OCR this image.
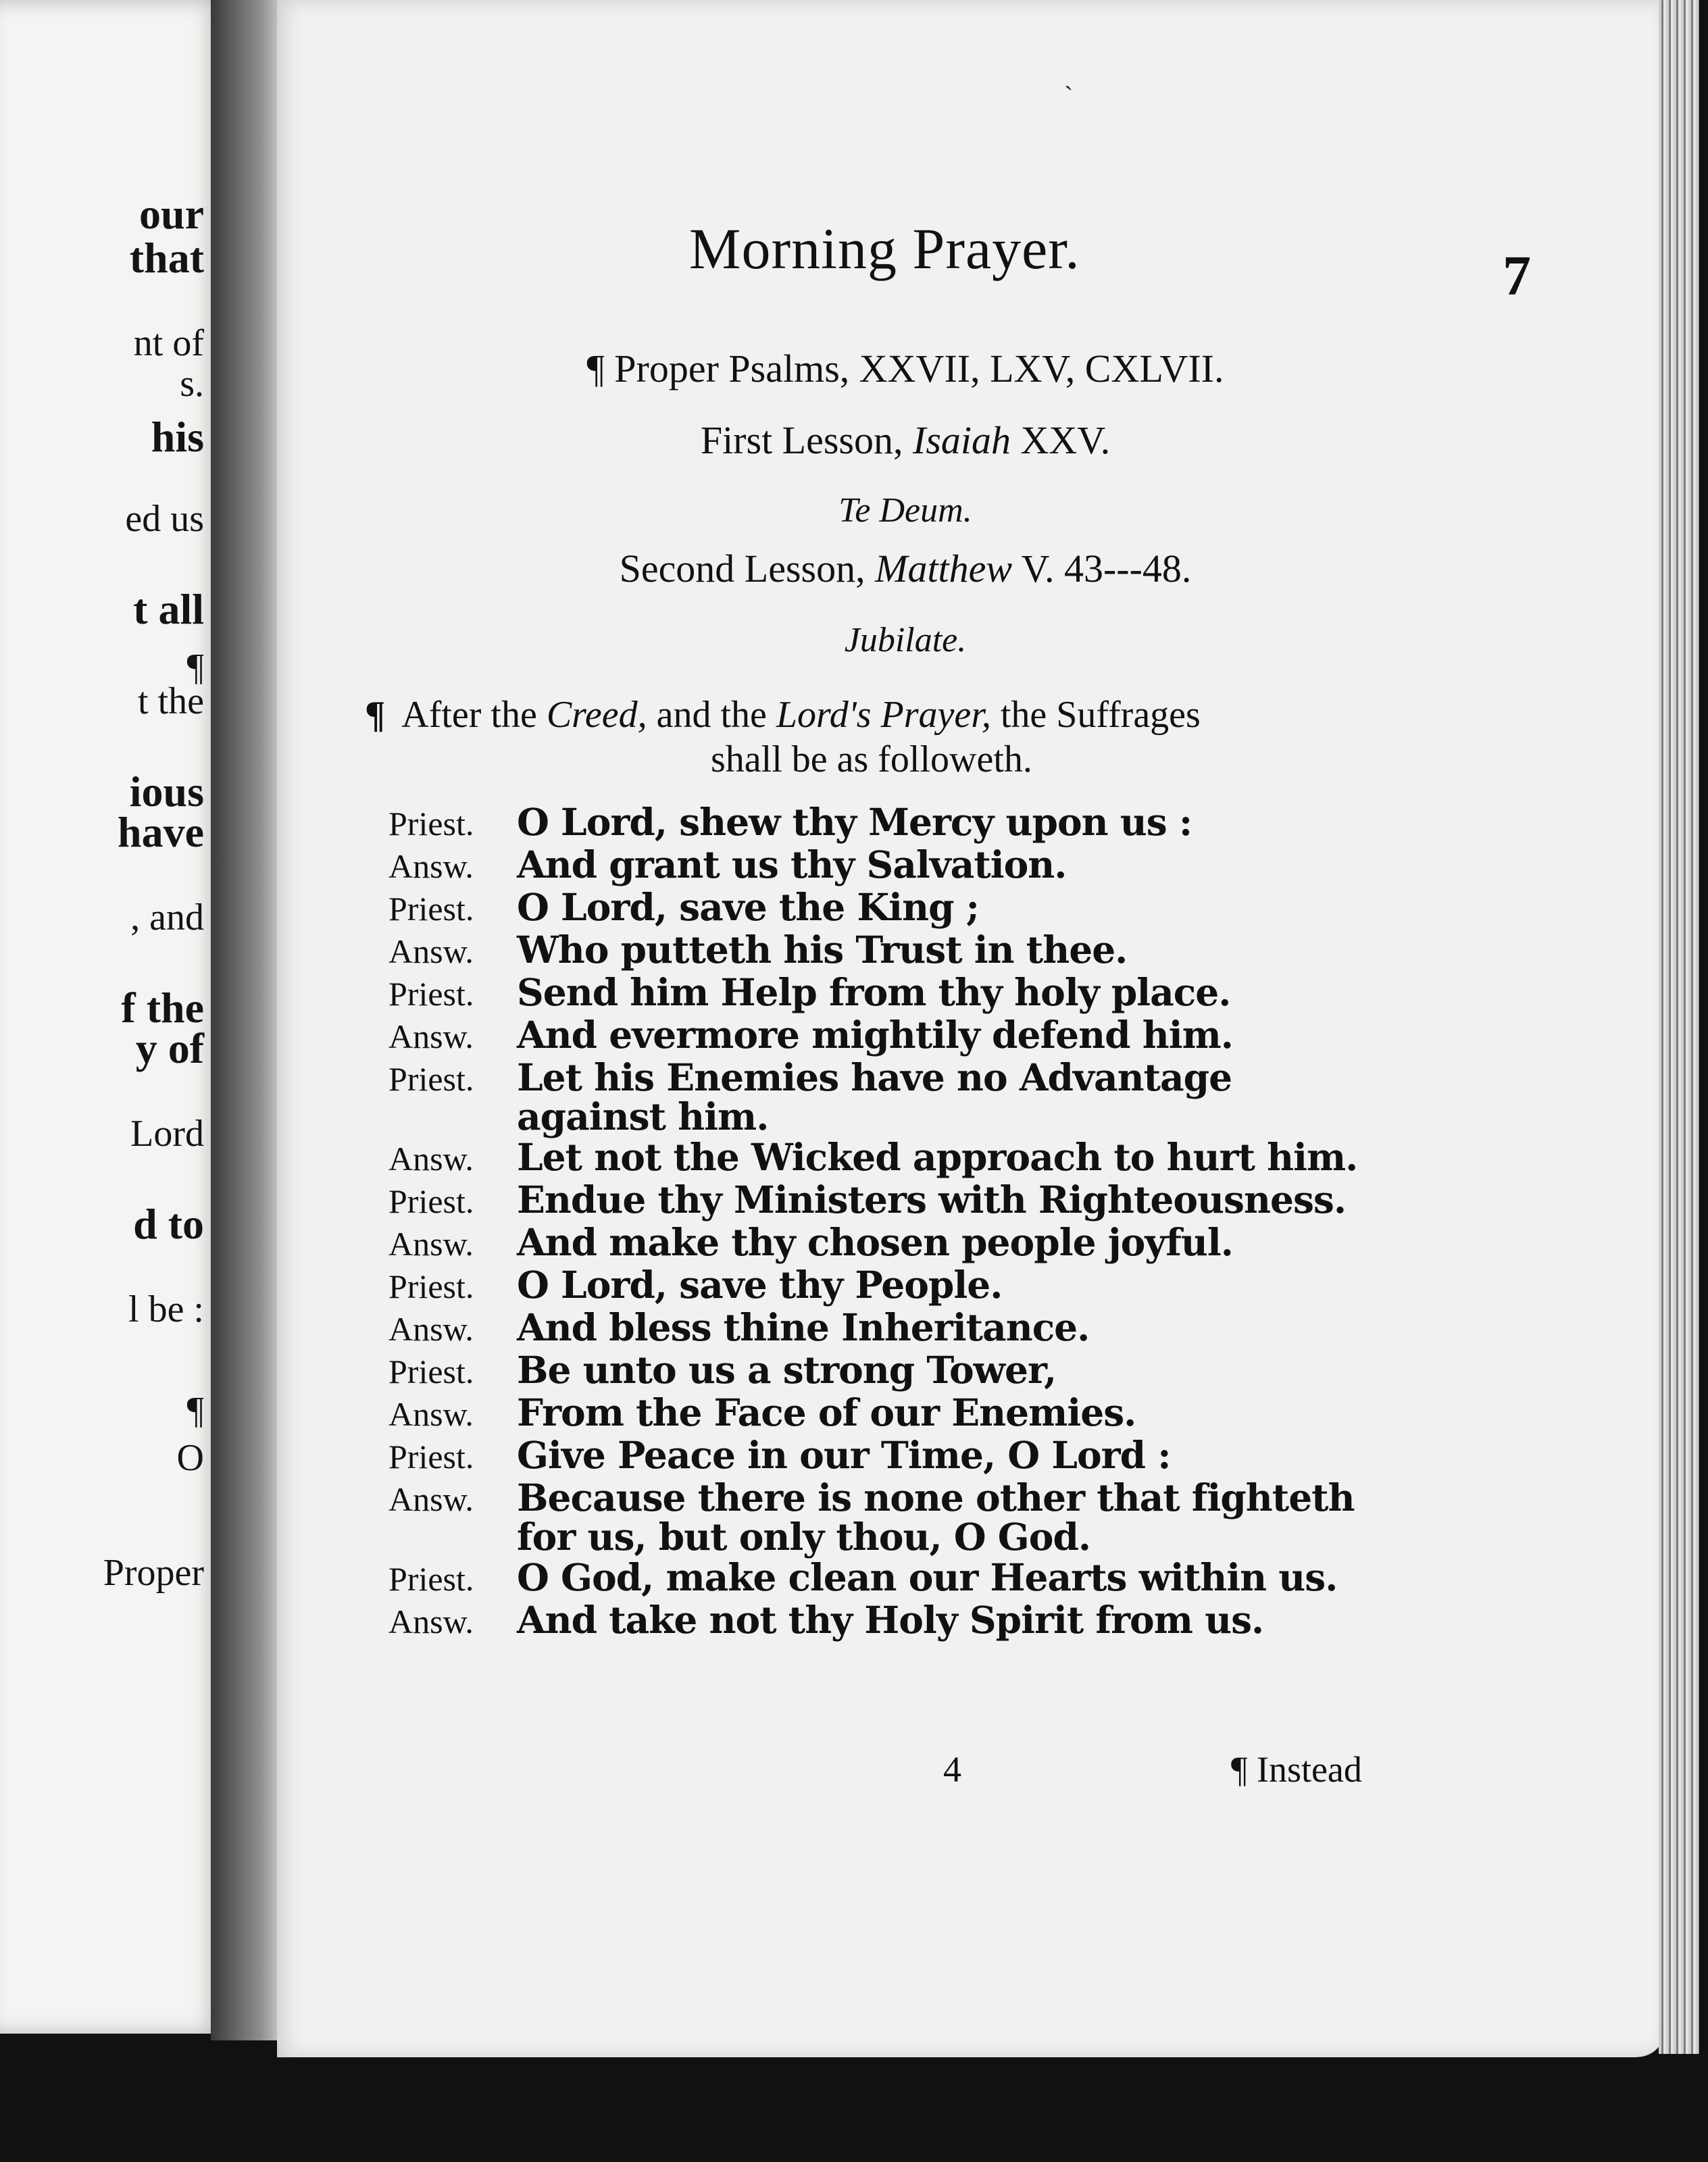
our
that
nt of
s.
his
ed us
t all
¶
t the
ious
have
, and
f the
y of
Lord
d to
l be :
¶
O
Proper
ˏ
Morning Prayer.	7
¶ Proper Psalms, XXVII, LXV, CXLVII.
First Lesson, Isaiah XXV.
Te Deum.
Second Lesson, Matthew V. 43---48.
Jubilate.
¶ After the Creed, and the Lord's Prayer, the Suffrages
shall be as followeth.
Priest.	O Lord, shew thy Mercy upon us :
Answ.	And grant us thy Salvation.
Priest.	O Lord, save the King ;
Answ.	Who putteth his Trust in thee.
Priest.	Send him Help from thy holy place.
Answ.	And evermore mightily defend him.
Priest.	Let his Enemies have no Advantage against him.
Answ.	Let not the Wicked approach to hurt him.
Priest.	Endue thy Ministers with Righteousness.
Answ.	And make thy chosen people joyful.
Priest.	O Lord, save thy People.
Answ.	And bless thine Inheritance.
Priest.	Be unto us a strong Tower,
Answ.	From the Face of our Enemies.
Priest.	Give Peace in our Time, O Lord :
Answ.	Because there is none other that fighteth for us, but only thou, O God.
Priest.	O God, make clean our Hearts within us.
Answ.	And take not thy Holy Spirit from us.
4	¶ Instead
